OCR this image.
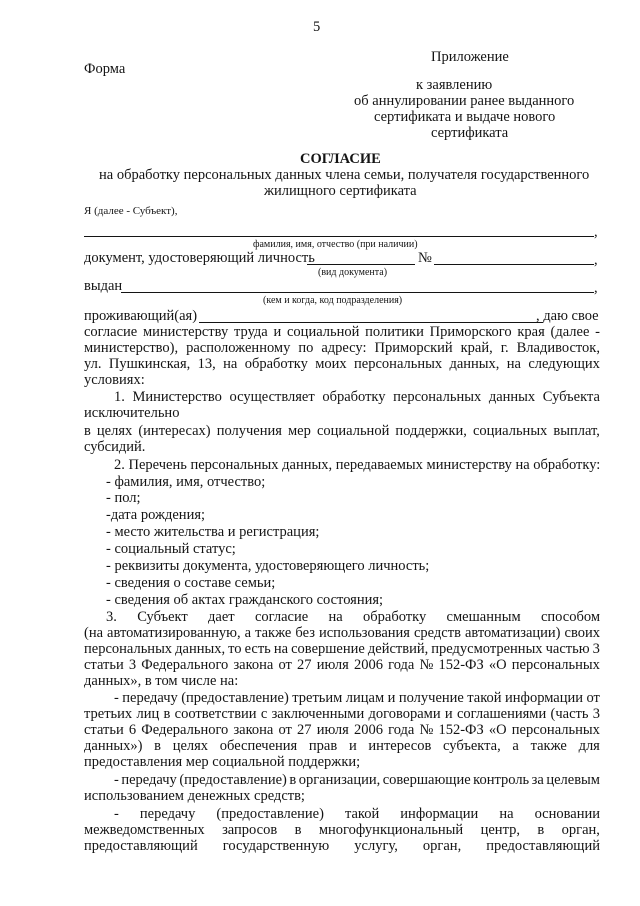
5
Форма
Приложение
к заявлению
об аннулировании ранее выданного
сертификата и выдаче нового
сертификата
СОГЛАСИЕ
на обработку персональных данных члена семьи, получателя государственного
жилищного сертификата
Я (далее - Субъект),
,
фамилия, имя, отчество (при наличии)
документ, удостоверяющий личность	№	,
(вид документа)
выдан	,
(кем и когда, код подразделения)
проживающий(ая)	, даю свое
согласие министерству труда и социальной политики Приморского края (далее -
министерство), расположенному по адресу: Приморский край, г. Владивосток,
ул. Пушкинская, 13, на обработку моих персональных данных, на следующих
условиях:
1. Министерство осуществляет обработку персональных данных Субъекта
исключительно
в целях (интересах) получения мер социальной поддержки, социальных выплат,
субсидий.
2. Перечень персональных данных, передаваемых министерству на обработку:
- фамилия, имя, отчество;
- пол;
-дата рождения;
- место жительства и регистрация;
- социальный статус;
- реквизиты документа, удостоверяющего личность;
- сведения о составе семьи;
- сведения об актах гражданского состояния;
3. Субъект дает согласие на обработку смешанным способом
(на автоматизированную, а также без использования средств автоматизации) своих
персональных данных, то есть на совершение действий, предусмотренных частью 3
статьи 3 Федерального закона от 27 июля 2006 года № 152-ФЗ «О персональных
данных», в том числе на:
- передачу (предоставление) третьим лицам и получение такой информации от
третьих лиц в соответствии с заключенными договорами и соглашениями (часть 3
статьи 6 Федерального закона от 27 июля 2006 года № 152-ФЗ «О персональных
данных») в целях обеспечения прав и интересов субъекта, а также для
предоставления мер социальной поддержки;
- передачу (предоставление) в организации, совершающие контроль за целевым
использованием денежных средств;
- передачу (предоставление) такой информации на основании
межведомственных запросов в многофункциональный центр, в орган,
предоставляющий государственную услугу, орган, предоставляющий
